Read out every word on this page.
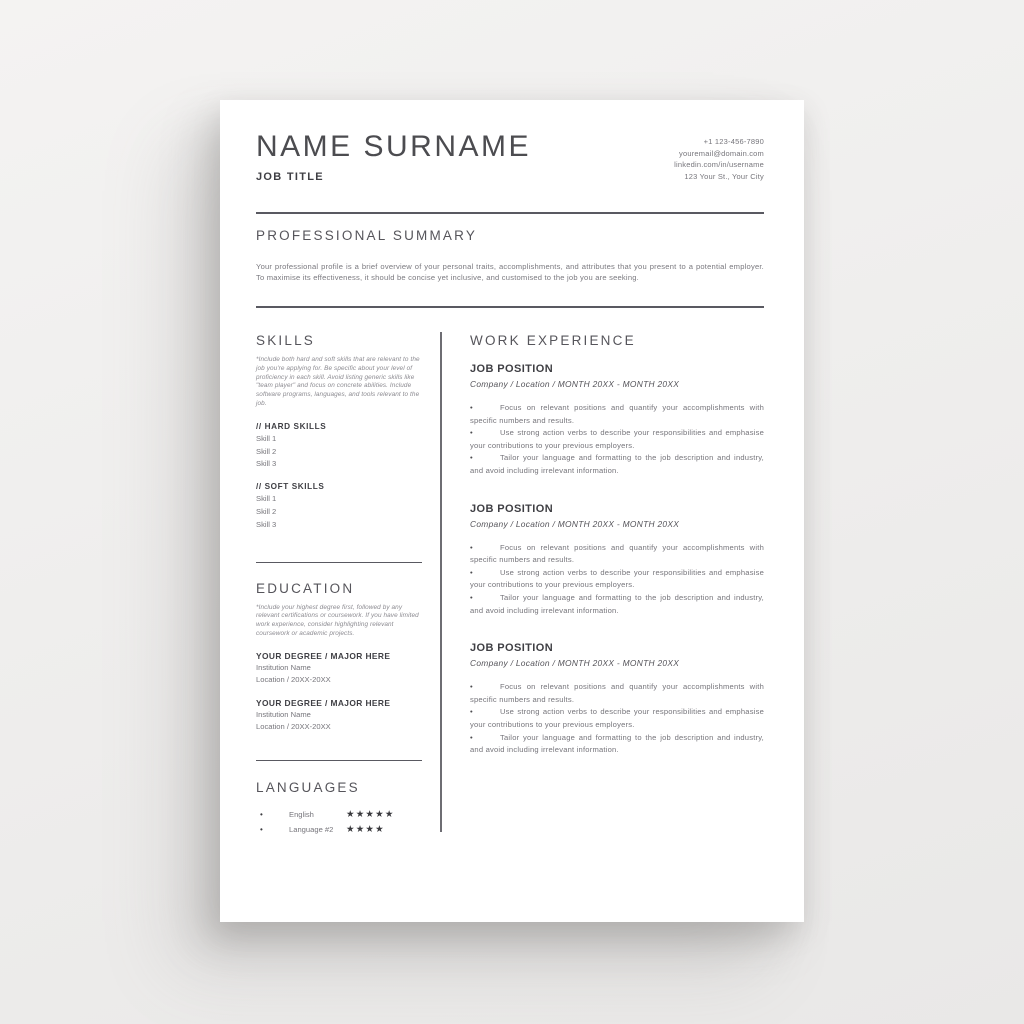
NAME SURNAME
JOB TITLE
+1 123-456-7890
youremail@domain.com
linkedin.com/in/username
123 Your St., Your City
PROFESSIONAL SUMMARY

Your professional profile is a brief overview of your personal traits, accomplishments, and attributes that you present to a potential employer. To maximise its effectiveness, it should be concise yet inclusive, and customised to the job you are seeking.

SKILLS
*Include both hard and soft skills that are relevant to the job you're applying for. Be specific about your level of proficiency in each skill. Avoid listing generic skills like "team player" and focus on concrete abilities. Include software programs, languages, and tools relevant to the job.
// HARD SKILLS
Skill 1
Skill 2
Skill 3
// SOFT SKILLS
Skill 1
Skill 2
Skill 3
EDUCATION
*Include your highest degree first, followed by any relevant certifications or coursework. If you have limited work experience, consider highlighting relevant coursework or academic projects.
YOUR DEGREE / MAJOR HERE
Institution Name
Location / 20XX-20XX
YOUR DEGREE / MAJOR HERE
Institution Name
Location / 20XX-20XX
LANGUAGES
•	English	★★★★★
•	Language #2	★★★★
WORK EXPERIENCE
JOB POSITION
Company / Location / MONTH 20XX - MONTH 20XX
•	Focus on relevant positions and quantify your accomplishments with specific numbers and results.
•	Use strong action verbs to describe your responsibilities and emphasise your contributions to your previous employers.
•	Tailor your language and formatting to the job description and industry, and avoid including irrelevant information.
JOB POSITION
Company / Location / MONTH 20XX - MONTH 20XX
•	Focus on relevant positions and quantify your accomplishments with specific numbers and results.
•	Use strong action verbs to describe your responsibilities and emphasise your contributions to your previous employers.
•	Tailor your language and formatting to the job description and industry, and avoid including irrelevant information.
JOB POSITION
Company / Location / MONTH 20XX - MONTH 20XX
•	Focus on relevant positions and quantify your accomplishments with specific numbers and results.
•	Use strong action verbs to describe your responsibilities and emphasise your contributions to your previous employers.
•	Tailor your language and formatting to the job description and industry, and avoid including irrelevant information.
